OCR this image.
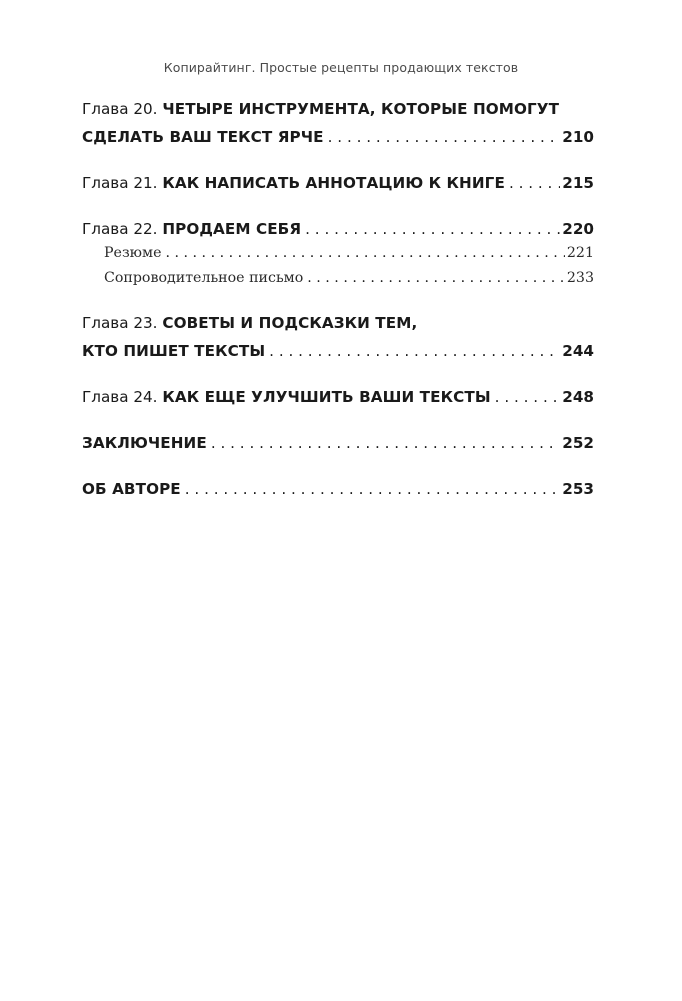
Копирайтинг. Простые рецепты продающих текстов
Глава 20.
ЧЕТЫРЕ ИНСТРУМЕНТА, КОТОРЫЕ ПОМОГУТ
СДЕЛАТЬ ВАШ ТЕКСТ ЯРЧЕ . . .	210
Глава 21.
КАК НАПИСАТЬ АННОТАЦИЮ К КНИГЕ . . .	215
Глава 22.
ПРОДАЕМ СЕБЯ . . .	220
Резюме . . .	221
Сопроводительное письмо . . .	233
Глава 23.
СОВЕТЫ И ПОДСКАЗКИ ТЕМ,
КТО ПИШЕТ ТЕКСТЫ . . .	244
Глава 24.
КАК ЕЩЕ УЛУЧШИТЬ ВАШИ ТЕКСТЫ . . .	248
ЗАКЛЮЧЕНИЕ . . .	252
ОБ АВТОРЕ . . .	253
